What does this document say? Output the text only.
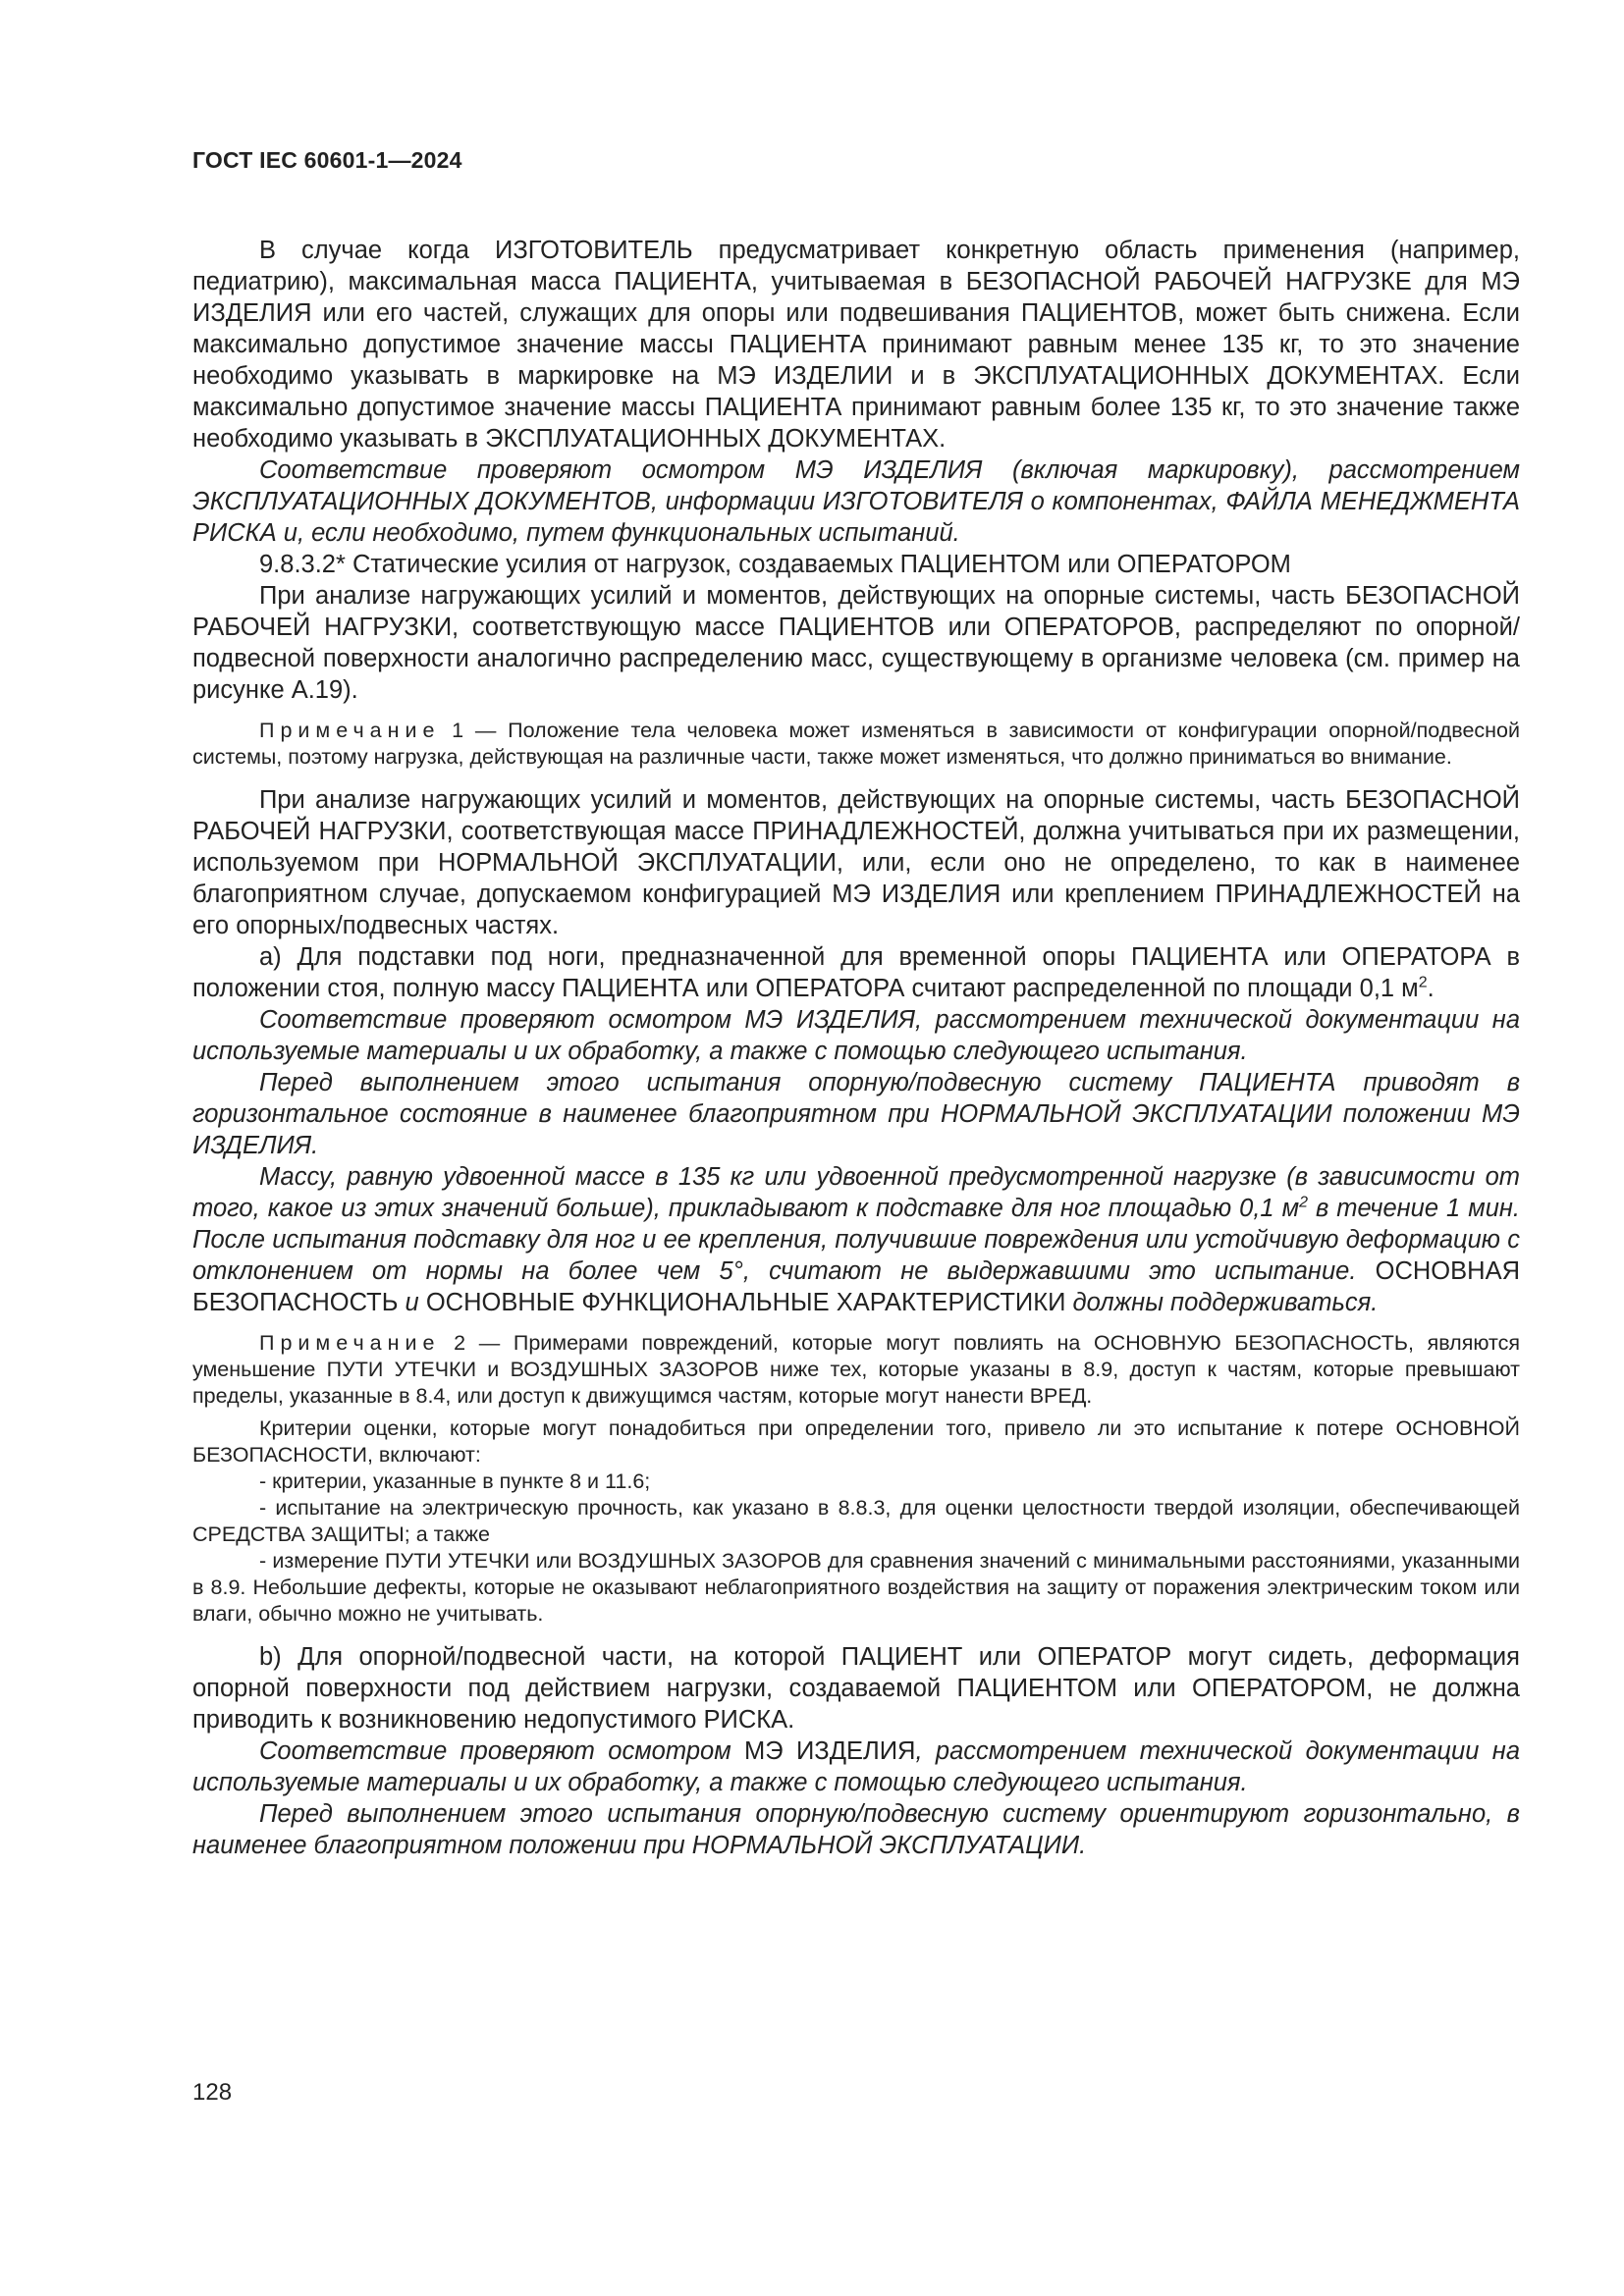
ГОСТ IEC 60601-1—2024

В случае когда ИЗГОТОВИТЕЛЬ предусматривает конкретную область применения (например, педиатрию), максимальная масса ПАЦИЕНТА, учитываемая в БЕЗОПАСНОЙ РАБОЧЕЙ НАГРУЗКЕ для МЭ ИЗДЕЛИЯ или его частей, служащих для опоры или подвешивания ПАЦИЕНТОВ, может быть снижена. Если максимально допустимое значение массы ПАЦИЕНТА принимают равным менее 135 кг, то это значение необходимо указывать в маркировке на МЭ ИЗДЕЛИИ и в ЭКСПЛУАТАЦИОННЫХ ДОКУМЕНТАХ. Если максимально допустимое значение массы ПАЦИЕНТА принимают равным более 135 кг, то это значение также необходимо указывать в ЭКСПЛУАТАЦИОННЫХ ДОКУМЕНТАХ.

Соответствие проверяют осмотром МЭ ИЗДЕЛИЯ (включая маркировку), рассмотрением ЭКСПЛУАТАЦИОННЫХ ДОКУМЕНТОВ, информации ИЗГОТОВИТЕЛЯ о компонентах, ФАЙЛА МЕНЕДЖМЕНТА РИСКА и, если необходимо, путем функциональных испытаний.

9.8.3.2* Статические усилия от нагрузок, создаваемых ПАЦИЕНТОМ или ОПЕРАТОРОМ

При анализе нагружающих усилий и моментов, действующих на опорные системы, часть БЕЗОПАСНОЙ РАБОЧЕЙ НАГРУЗКИ, соответствующую массе ПАЦИЕНТОВ или ОПЕРАТОРОВ, распределяют по опорной/подвесной поверхности аналогично распределению масс, существующему в организме человека (см. пример на рисунке А.19).

Примечание 1 — Положение тела человека может изменяться в зависимости от конфигурации опорной/подвесной системы, поэтому нагрузка, действующая на различные части, также может изменяться, что должно приниматься во внимание.

При анализе нагружающих усилий и моментов, действующих на опорные системы, часть БЕЗОПАСНОЙ РАБОЧЕЙ НАГРУЗКИ, соответствующая массе ПРИНАДЛЕЖНОСТЕЙ, должна учитываться при их размещении, используемом при НОРМАЛЬНОЙ ЭКСПЛУАТАЦИИ, или, если оно не определено, то как в наименее благоприятном случае, допускаемом конфигурацией МЭ ИЗДЕЛИЯ или креплением ПРИНАДЛЕЖНОСТЕЙ на его опорных/подвесных частях.

a) Для подставки под ноги, предназначенной для временной опоры ПАЦИЕНТА или ОПЕРАТОРА в положении стоя, полную массу ПАЦИЕНТА или ОПЕРАТОРА считают распределенной по площади 0,1 $м^2$.

Соответствие проверяют осмотром МЭ ИЗДЕЛИЯ, рассмотрением технической документации на используемые материалы и их обработку, а также с помощью следующего испытания.

Перед выполнением этого испытания опорную/подвесную систему ПАЦИЕНТА приводят в горизонтальное состояние в наименее благоприятном при НОРМАЛЬНОЙ ЭКСПЛУАТАЦИИ положении МЭ ИЗДЕЛИЯ.

Массу, равную удвоенной массе в 135 кг или удвоенной предусмотренной нагрузке (в зависимости от того, какое из этих значений больше), прикладывают к подставке для ног площадью 0,1 $м^2$ в течение 1 мин. После испытания подставку для ног и ее крепления, получившие повреждения или устойчивую деформацию с отклонением от нормы на более чем 5°, считают не выдержавшими это испытание. ОСНОВНАЯ БЕЗОПАСНОСТЬ и ОСНОВНЫЕ ФУНКЦИОНАЛЬНЫЕ ХАРАКТЕРИСТИКИ должны поддерживаться.

Примечание 2 — Примерами повреждений, которые могут повлиять на ОСНОВНУЮ БЕЗОПАСНОСТЬ, являются уменьшение ПУТИ УТЕЧКИ и ВОЗДУШНЫХ ЗАЗОРОВ ниже тех, которые указаны в 8.9, доступ к частям, которые превышают пределы, указанные в 8.4, или доступ к движущимся частям, которые могут нанести ВРЕД.
Критерии оценки, которые могут понадобиться при определении того, привело ли это испытание к потере ОСНОВНОЙ БЕЗОПАСНОСТИ, включают:
- критерии, указанные в пункте 8 и 11.6;
- испытание на электрическую прочность, как указано в 8.8.3, для оценки целостности твердой изоляции, обеспечивающей СРЕДСТВА ЗАЩИТЫ; а также
- измерение ПУТИ УТЕЧКИ или ВОЗДУШНЫХ ЗАЗОРОВ для сравнения значений с минимальными расстояниями, указанными в 8.9. Небольшие дефекты, которые не оказывают неблагоприятного воздействия на защиту от поражения электрическим током или влаги, обычно можно не учитывать.

b) Для опорной/подвесной части, на которой ПАЦИЕНТ или ОПЕРАТОР могут сидеть, деформация опорной поверхности под действием нагрузки, создаваемой ПАЦИЕНТОМ или ОПЕРАТОРОМ, не должна приводить к возникновению недопустимого РИСКА.

Соответствие проверяют осмотром МЭ ИЗДЕЛИЯ, рассмотрением технической документации на используемые материалы и их обработку, а также с помощью следующего испытания.

Перед выполнением этого испытания опорную/подвесную систему ориентируют горизонтально, в наименее благоприятном положении при НОРМАЛЬНОЙ ЭКСПЛУАТАЦИИ.

128
